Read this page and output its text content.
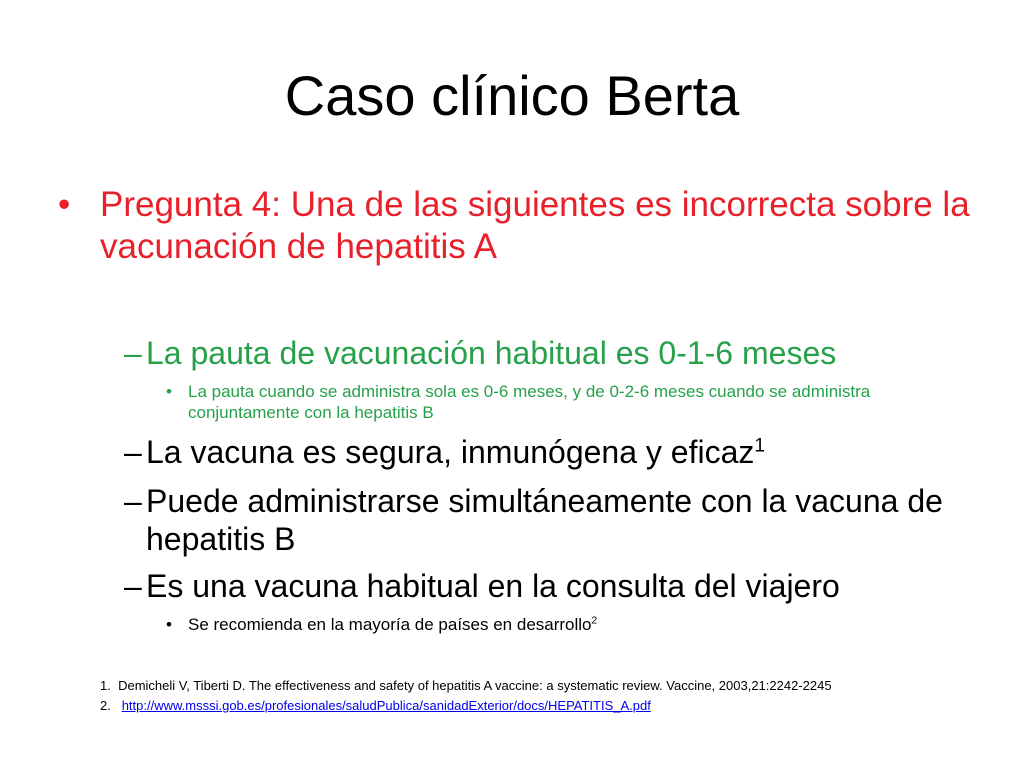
Caso clínico Berta
• Pregunta 4: Una de las siguientes es incorrecta sobre la vacunación de hepatitis A
– La pauta de vacunación habitual es 0-1-6 meses
• La pauta cuando se administra sola es 0-6 meses, y de 0-2-6 meses cuando se administra conjuntamente con la hepatitis B
– La vacuna es segura, inmunógena y eficaz$^1$
– Puede administrarse simultáneamente con la vacuna de hepatitis B
– Es una vacuna habitual en la consulta del viajero
• Se recomienda en la mayoría de países en desarrollo$^2$
1. Demicheli V, Tiberti D. The effectiveness and safety of hepatitis A vaccine: a systematic review. Vaccine, 2003,21:2242-2245
2. http://www.msssi.gob.es/profesionales/saludPublica/sanidadExterior/docs/HEPATITIS_A.pdf
